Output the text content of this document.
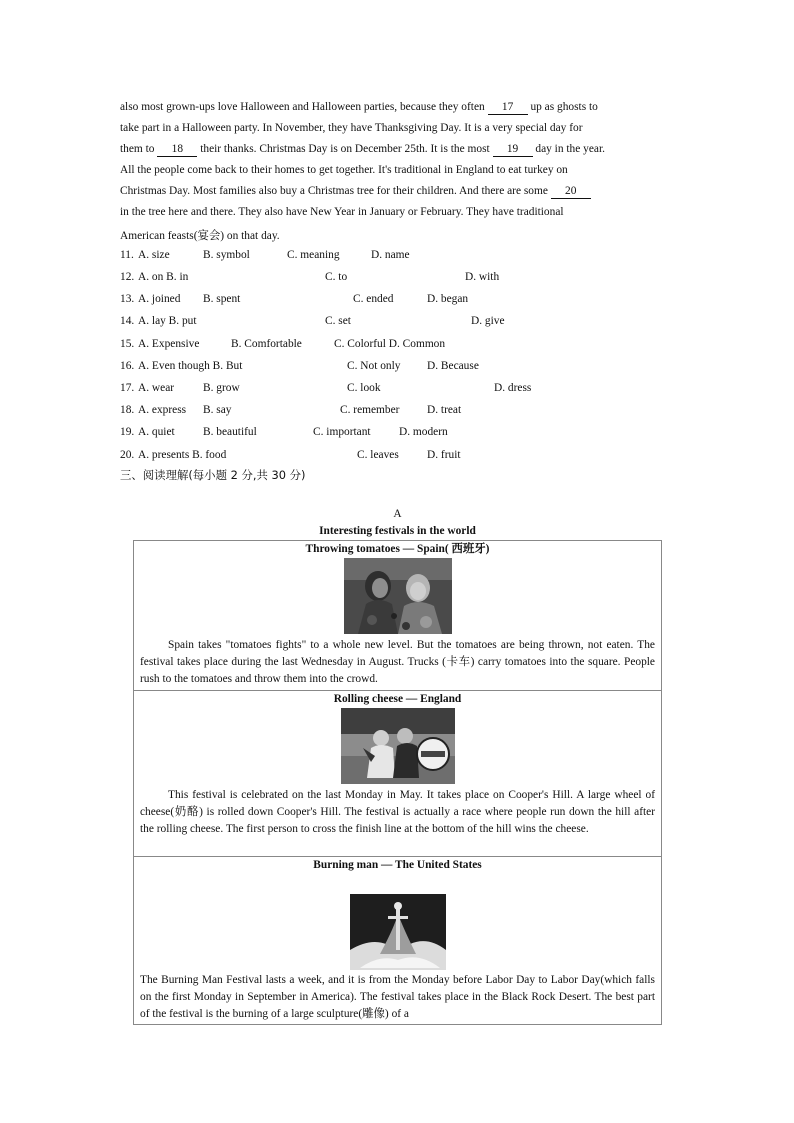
also most grown-ups love Halloween and Halloween parties, because they often 17 up as ghosts to
take part in a Halloween party. In November, they have Thanksgiving Day. It is a very special day for
them to 18 their thanks. Christmas Day is on December 25th. It is the most 19 day in the year.
All the people come back to their homes to get together. It's traditional in England to eat turkey on
Christmas Day. Most families also buy a Christmas tree for their children. And there are some 20
in the tree here and there. They also have New Year in January or February. They have traditional
American feasts(宴会) on that day.
11. A. size	B. symbol	C. meaning	D. name
12. A. on B. in	C. to	D. with
13. A. joined B. spent	C. ended	D. began
14. A. lay B. put	C. set	D. give
15. A. Expensive	B. Comfortable	C. Colorful D. Common
16. A. Even though B. But	C. Not only D. Because
17. A. wear	B. grow	C. look	D. dress
18. A. express B. say	C. remember D. treat
19. A. quiet B. beautiful	C. important D. modern
20. A. presents B. food	C. leaves D. fruit
三、阅读理解(每小题 2 分,共 30 分)
A
Interesting festivals in the world
Throwing tomatoes — Spain( 西班牙)
Spain takes "tomatoes fights" to a whole new level. But the tomatoes are being thrown, not eaten. The festival takes place during the last Wednesday in August. Trucks (卡车) carry tomatoes into the square. People rush to the tomatoes and throw them into the crowd.

Rolling cheese — England
This festival is celebrated on the last Monday in May. It takes place on Cooper's Hill. A large wheel of cheese(奶酪) is rolled down Cooper's Hill. The festival is actually a race where people run down the hill after the rolling cheese. The first person to cross the finish line at the bottom of the hill wins the cheese.

Burning man — The United States
The Burning Man Festival lasts a week, and it is from the Monday before Labor Day to Labor Day(which falls on the first Monday in September in America). The festival takes place in the Black Rock Desert. The best part of the festival is the burning of a large sculpture(雕像) of a
